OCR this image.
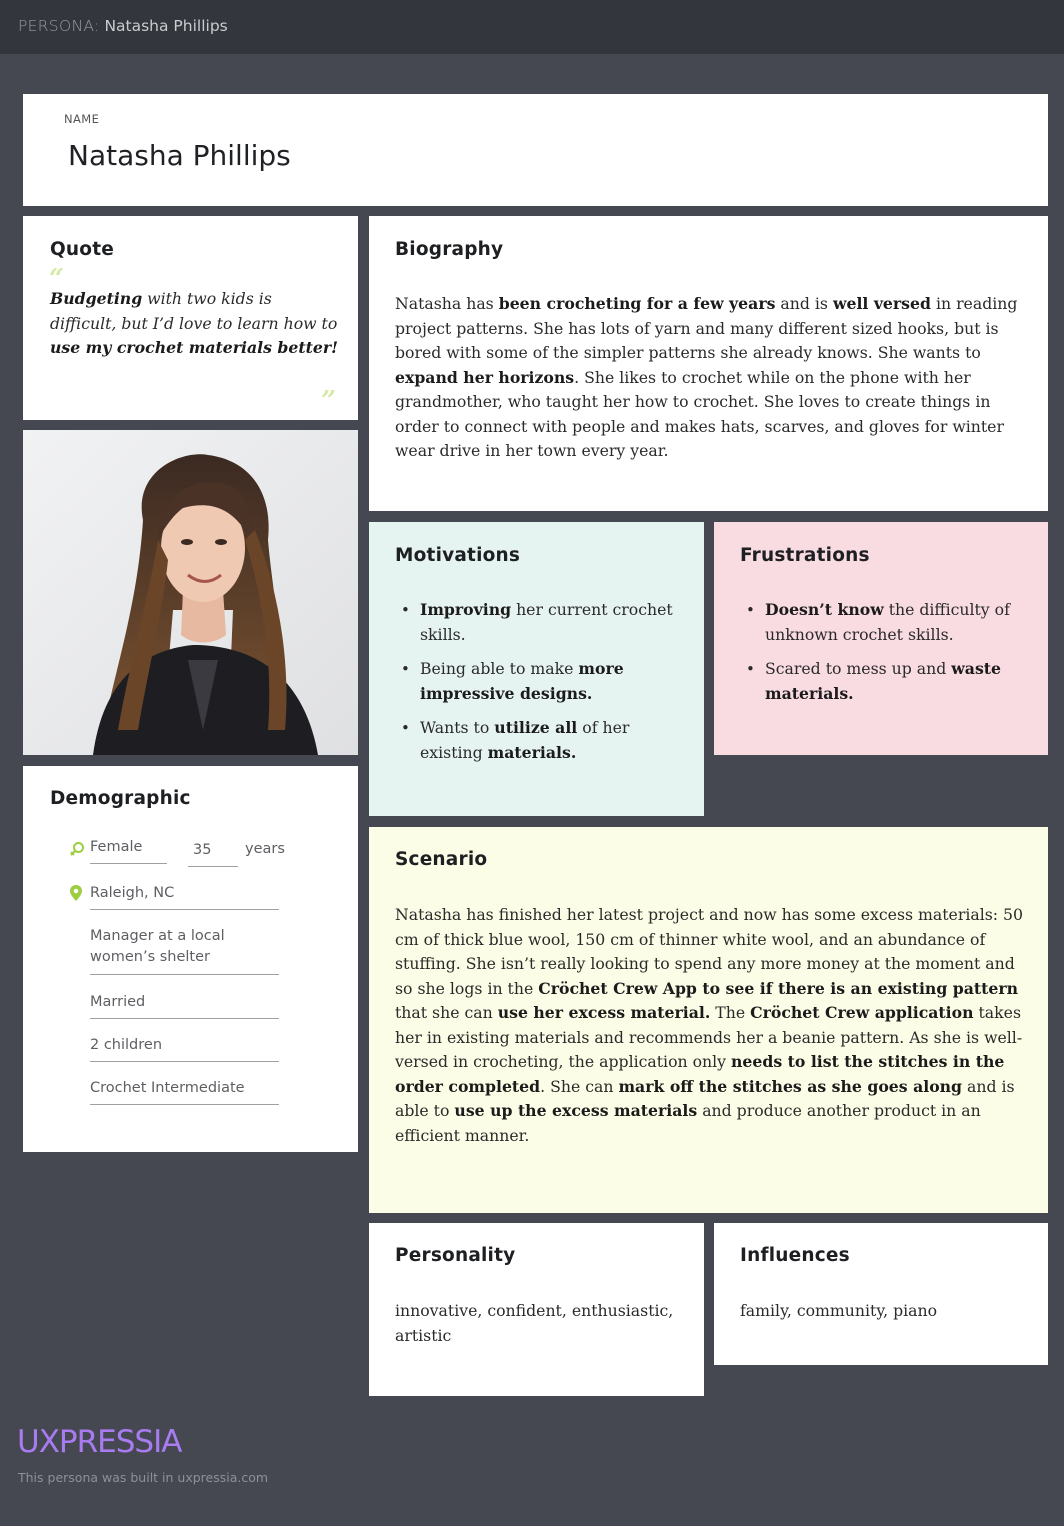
PERSONA: Natasha Phillips
NAME
Natasha Phillips
Quote
“
Budgeting with two kids is difficult, but I’d love to learn how to use my crochet materials better!
”
Demographic
Female	35	years
Raleigh, NC
Manager at a local women’s shelter
Married
2 children
Crochet Intermediate
Biography
Natasha has been crocheting for a few years and is well versed in reading project patterns. She has lots of yarn and many different sized hooks, but is bored with some of the simpler patterns she already knows. She wants to expand her horizons. She likes to crochet while on the phone with her grandmother, who taught her how to crochet. She loves to create things in order to connect with people and makes hats, scarves, and gloves for winter wear drive in her town every year.
Motivations
• Improving her current crochet skills.
• Being able to make more impressive designs.
• Wants to utilize all of her existing materials.
Frustrations
• Doesn’t know the difficulty of unknown crochet skills.
• Scared to mess up and waste materials.
Scenario
Natasha has finished her latest project and now has some excess materials: 50 cm of thick blue wool, 150 cm of thinner white wool, and an abundance of stuffing. She isn’t really looking to spend any more money at the moment and so she logs in the Cröchet Crew App to see if there is an existing pattern that she can use her excess material. The Cröchet Crew application takes her in existing materials and recommends her a beanie pattern. As she is well-versed in crocheting, the application only needs to list the stitches in the order completed. She can mark off the stitches as she goes along and is able to use up the excess materials and produce another product in an efficient manner.
Personality
innovative, confident, enthusiastic, artistic
Influences
family, community, piano
UXPRESSIA
This persona was built in uxpressia.com
